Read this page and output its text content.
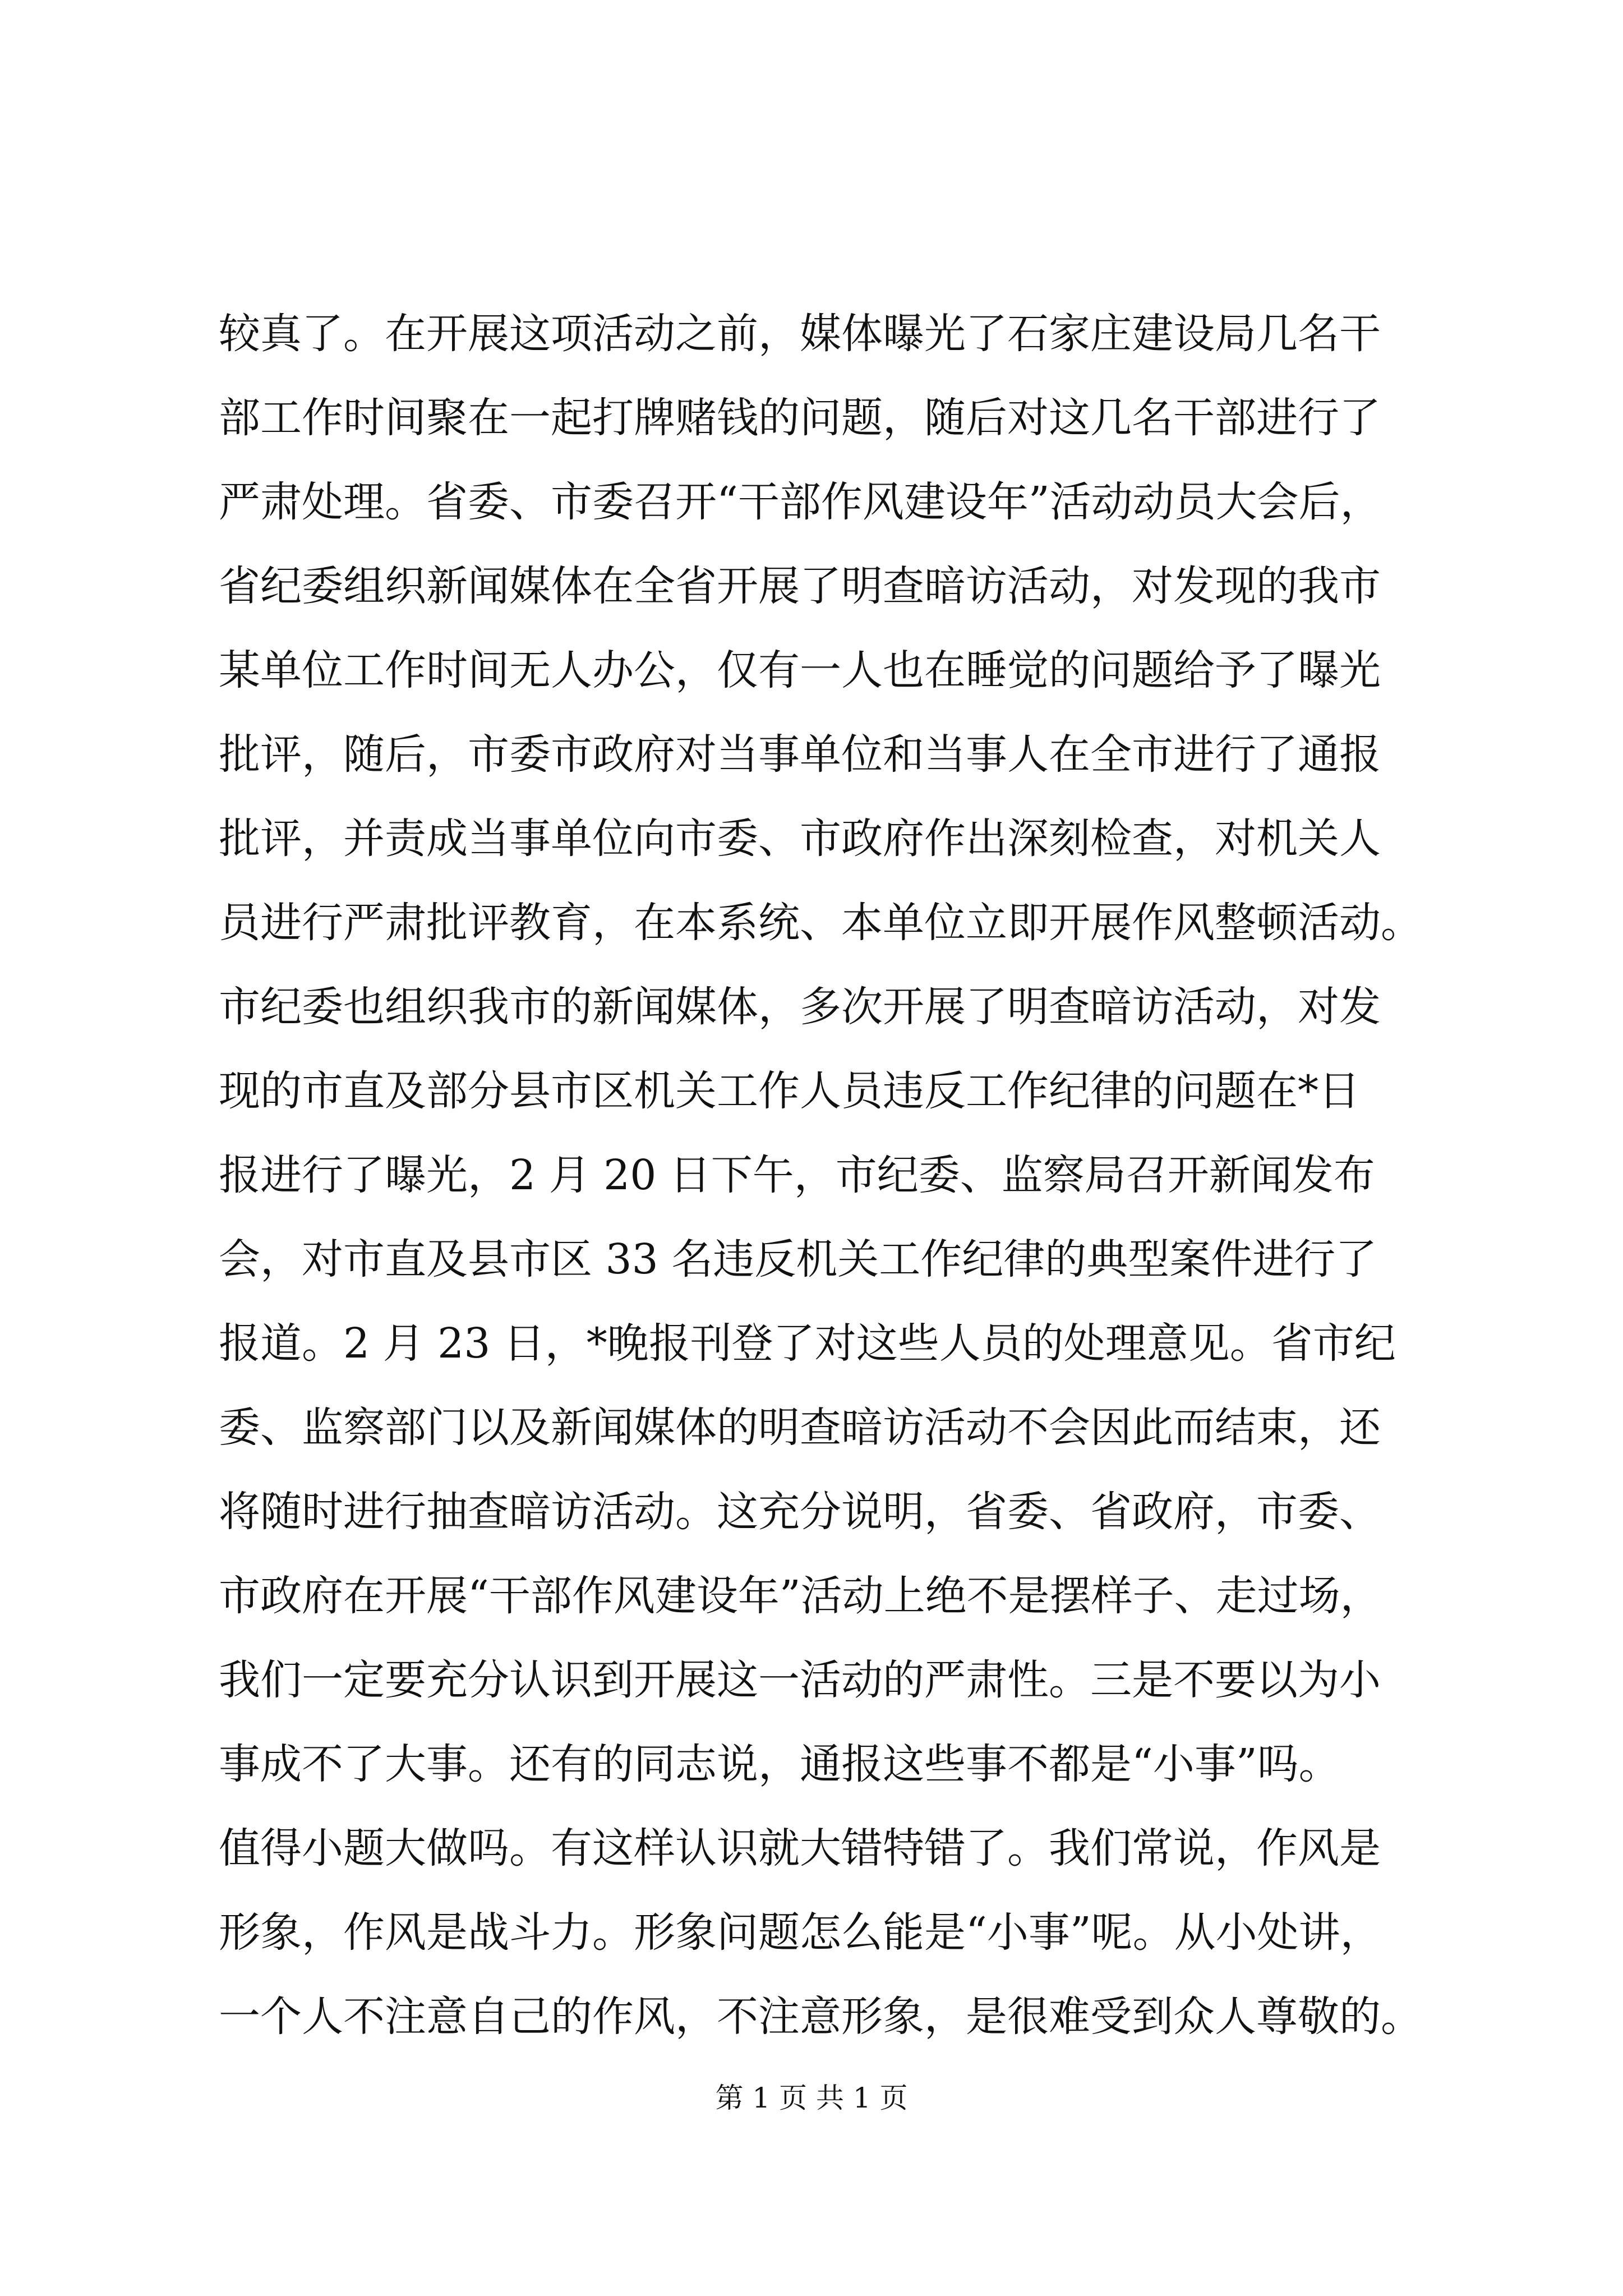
较真了。在开展这项活动之前，媒体曝光了石家庄建设局几名干
部工作时间聚在一起打牌赌钱的问题，随后对这几名干部进行了
严肃处理。省委、市委召开“干部作风建设年”活动动员大会后，
省纪委组织新闻媒体在全省开展了明查暗访活动，对发现的我市
某单位工作时间无人办公，仅有一人也在睡觉的问题给予了曝光
批评，随后，市委市政府对当事单位和当事人在全市进行了通报
批评，并责成当事单位向市委、市政府作出深刻检查，对机关人
员进行严肃批评教育，在本系统、本单位立即开展作风整顿活动。
市纪委也组织我市的新闻媒体，多次开展了明查暗访活动，对发
现的市直及部分县市区机关工作人员违反工作纪律的问题在*日
报进行了曝光，2 月 20 日下午，市纪委、监察局召开新闻发布
会，对市直及县市区 33 名违反机关工作纪律的典型案件进行了
报道。2 月 23 日，*晚报刊登了对这些人员的处理意见。省市纪
委、监察部门以及新闻媒体的明查暗访活动不会因此而结束，还
将随时进行抽查暗访活动。这充分说明，省委、省政府，市委、
市政府在开展“干部作风建设年”活动上绝不是摆样子、走过场，
我们一定要充分认识到开展这一活动的严肃性。三是不要以为小
事成不了大事。还有的同志说，通报这些事不都是“小事”吗。
值得小题大做吗。有这样认识就大错特错了。我们常说，作风是
形象，作风是战斗力。形象问题怎么能是“小事”呢。从小处讲，
一个人不注意自己的作风，不注意形象，是很难受到众人尊敬的。
第 1 页 共 1 页
